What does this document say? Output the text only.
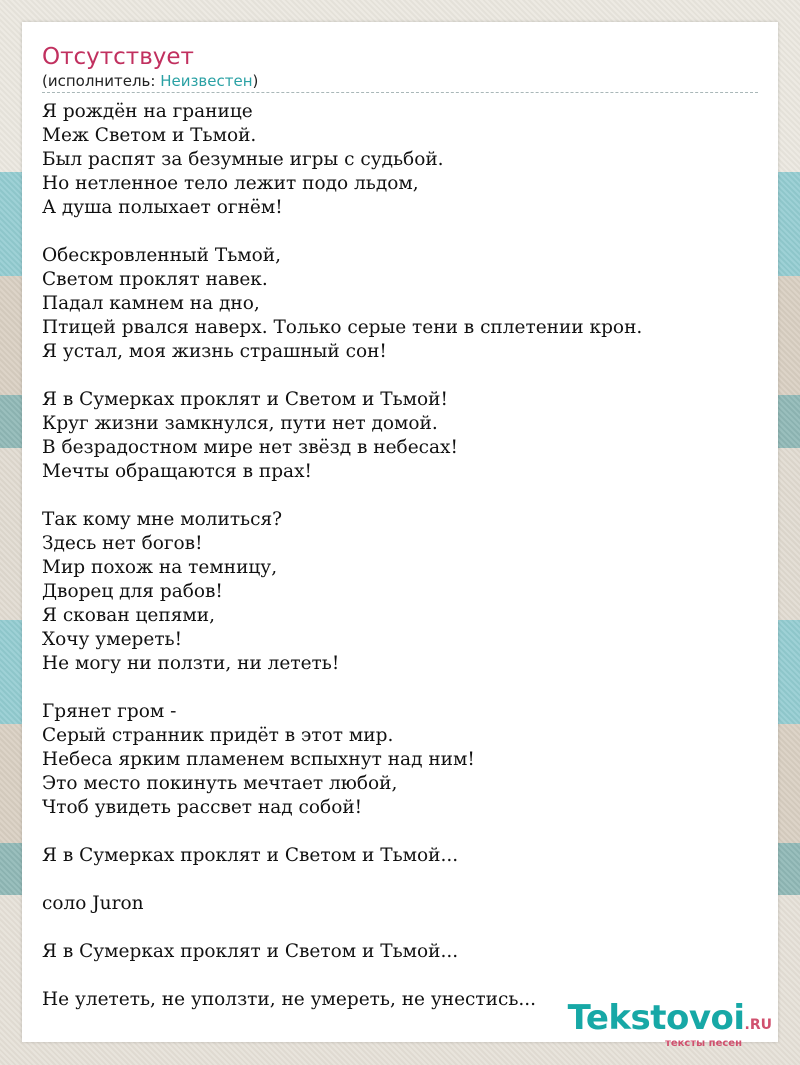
Отсутствует
(исполнитель: Неизвестен)
Я рождён на границе
Меж Светом и Тьмой.
Был распят за безумные игры с судьбой.
Но нетленное тело лежит подо льдом,
А душа полыхает огнём!

Обескровленный Тьмой,
Светом проклят навек.
Падал камнем на дно,
Птицей рвался наверх. Только серые тени в сплетении крон.
Я устал, моя жизнь страшный сон!

Я в Сумерках проклят и Светом и Тьмой!
Круг жизни замкнулся, пути нет домой.
В безрадостном мире нет звёзд в небесах!
Мечты обращаются в прах!

Так кому мне молиться?
Здесь нет богов!
Мир похож на темницу,
Дворец для рабов!
Я скован цепями,
Хочу умереть!
Не могу ни ползти, ни лететь!

Грянет гром -
Серый странник придёт в этот мир.
Небеса ярким пламенем вспыхнут над ним!
Это место покинуть мечтает любой,
Чтоб увидеть рассвет над собой!

Я в Сумерках проклят и Светом и Тьмой...

соло Juron

Я в Сумерках проклят и Светом и Тьмой...

Не улететь, не уползти, не умереть, не унестись... Tekstovoi.RU
тексты песен
